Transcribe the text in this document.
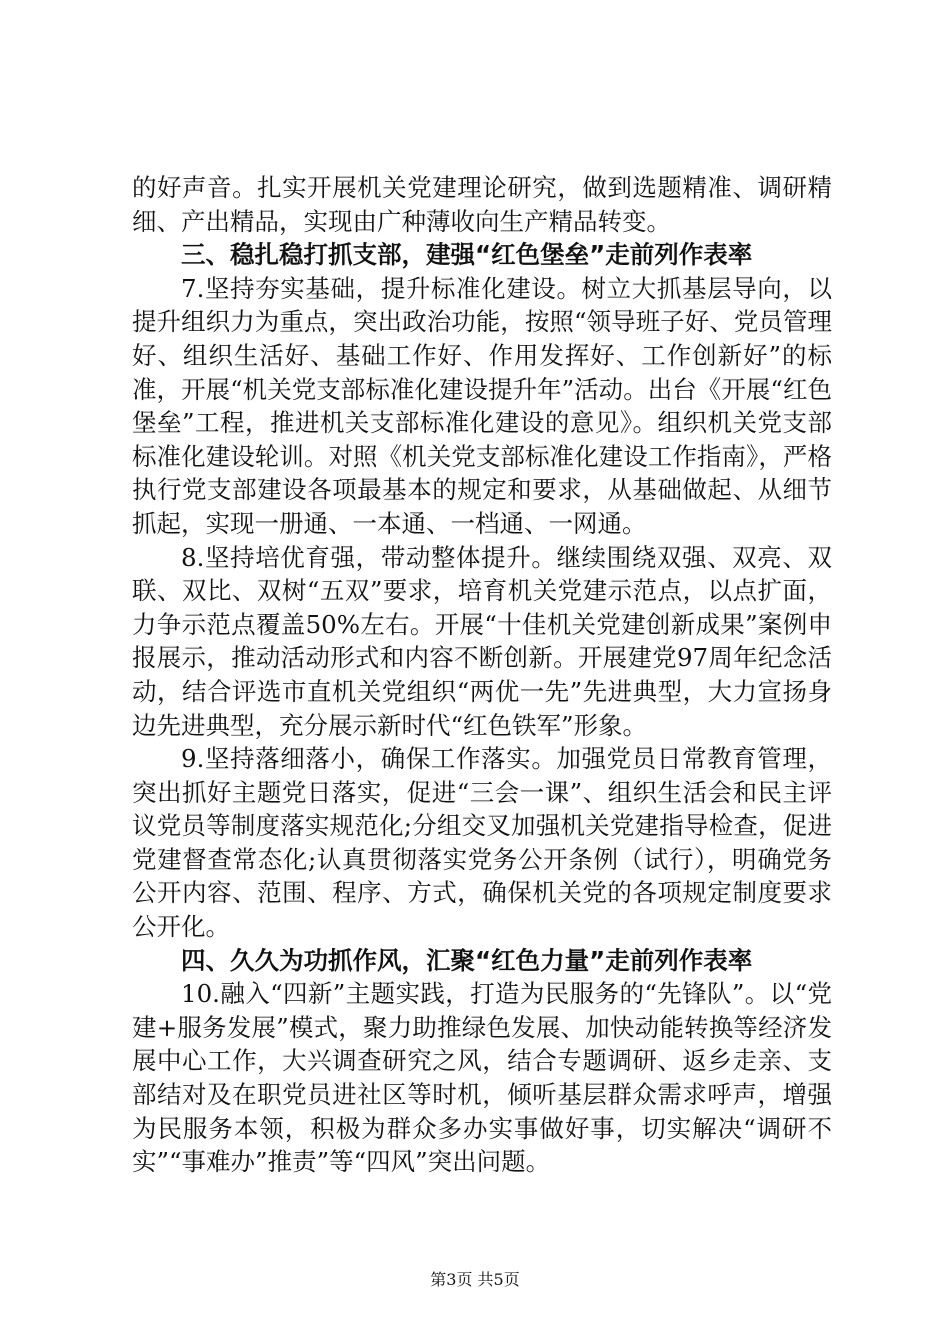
的好声音。扎实开展机关党建理论研究，做到选题精准、调研精细、产出精品，实现由广种薄收向生产精品转变。

三、稳扎稳打抓支部，建强“红色堡垒”走前列作表率

7.坚持夯实基础，提升标准化建设。树立大抓基层导向，以提升组织力为重点，突出政治功能，按照“领导班子好、党员管理好、组织生活好、基础工作好、作用发挥好、工作创新好”的标准，开展“机关党支部标准化建设提升年”活动。出台《开展“红色堡垒”工程，推进机关支部标准化建设的意见》。组织机关党支部标准化建设轮训。对照《机关党支部标准化建设工作指南》，严格执行党支部建设各项最基本的规定和要求，从基础做起、从细节抓起，实现一册通、一本通、一档通、一网通。

8.坚持培优育强，带动整体提升。继续围绕双强、双亮、双联、双比、双树“五双”要求，培育机关党建示范点，以点扩面，力争示范点覆盖50%左右。开展“十佳机关党建创新成果”案例申报展示，推动活动形式和内容不断创新。开展建党97周年纪念活动，结合评选市直机关党组织“两优一先”先进典型，大力宣扬身边先进典型，充分展示新时代“红色铁军”形象。

9.坚持落细落小，确保工作落实。加强党员日常教育管理，突出抓好主题党日落实，促进“三会一课”、组织生活会和民主评议党员等制度落实规范化;分组交叉加强机关党建指导检查，促进党建督查常态化;认真贯彻落实党务公开条例（试行），明确党务公开内容、范围、程序、方式，确保机关党的各项规定制度要求公开化。

四、久久为功抓作风，汇聚“红色力量”走前列作表率

10.融入“四新”主题实践，打造为民服务的“先锋队”。以“党建+服务发展”模式，聚力助推绿色发展、加快动能转换等经济发展中心工作，大兴调查研究之风，结合专题调研、返乡走亲、支部结对及在职党员进社区等时机，倾听基层群众需求呼声，增强为民服务本领，积极为群众多办实事做好事，切实解决“调研不实”“事难办”推责”等“四风”突出问题。

第3页 共5页
